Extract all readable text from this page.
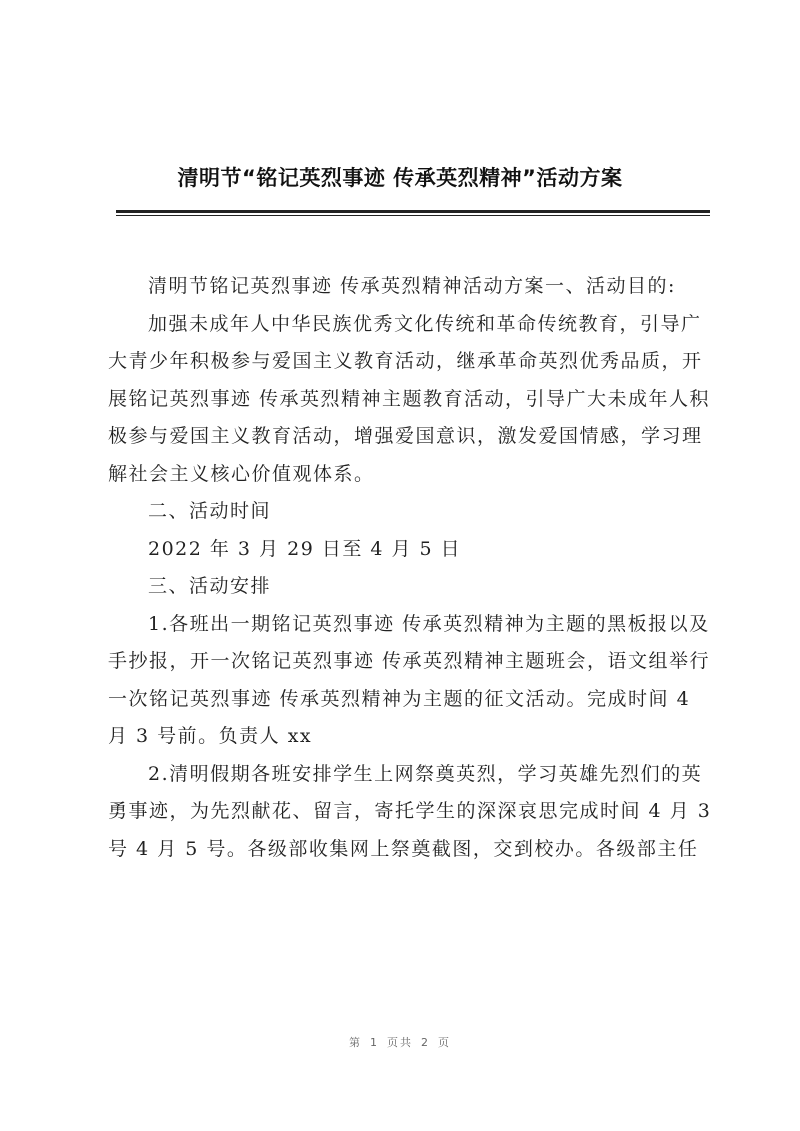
清明节“铭记英烈事迹 传承英烈精神”活动方案

清明节铭记英烈事迹 传承英烈精神活动方案一、活动目的:

加强未成年人中华民族优秀文化传统和革命传统教育，引导广大青少年积极参与爱国主义教育活动，继承革命英烈优秀品质，开展铭记英烈事迹 传承英烈精神主题教育活动，引导广大未成年人积极参与爱国主义教育活动，增强爱国意识，激发爱国情感，学习理解社会主义核心价值观体系。

二、活动时间

2022 年 3 月 29 日至 4 月 5 日

三、活动安排

1.各班出一期铭记英烈事迹 传承英烈精神为主题的黑板报以及手抄报，开一次铭记英烈事迹 传承英烈精神主题班会，语文组举行一次铭记英烈事迹 传承英烈精神为主题的征文活动。完成时间 4 月 3 号前。负责人 xx

2.清明假期各班安排学生上网祭奠英烈，学习英雄先烈们的英勇事迹，为先烈献花、留言，寄托学生的深深哀思完成时间 4 月 3 号 4 月 5 号。各级部收集网上祭奠截图，交到校办。各级部主任

第 1 页共 2 页
